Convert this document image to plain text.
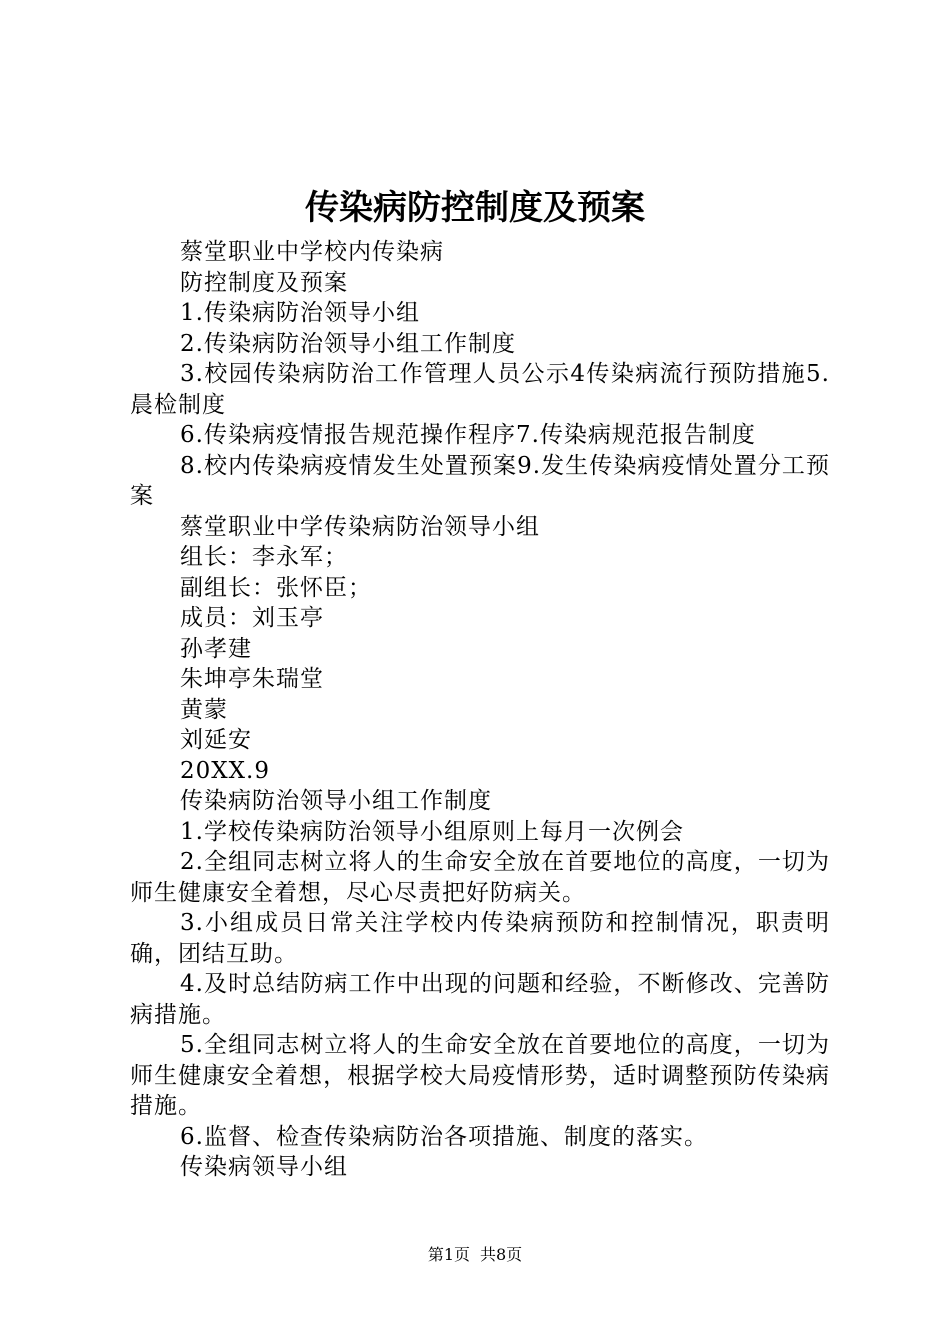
传染病防控制度及预案

蔡堂职业中学校内传染病

防控制度及预案

1.传染病防治领导小组

2.传染病防治领导小组工作制度

3.校园传染病防治工作管理人员公示4传染病流行预防措施5.晨检制度

6.传染病疫情报告规范操作程序7.传染病规范报告制度

8.校内传染病疫情发生处置预案9.发生传染病疫情处置分工预案

蔡堂职业中学传染病防治领导小组

组长：李永军；

副组长：张怀臣；

成员：刘玉亭

孙孝建

朱坤亭朱瑞堂

黄蒙

刘延安

20XX.9

传染病防治领导小组工作制度

1.学校传染病防治领导小组原则上每月一次例会

2.全组同志树立将人的生命安全放在首要地位的高度，一切为师生健康安全着想，尽心尽责把好防病关。

3.小组成员日常关注学校内传染病预防和控制情况，职责明确，团结互助。

4.及时总结防病工作中出现的问题和经验，不断修改、完善防病措施。

5.全组同志树立将人的生命安全放在首要地位的高度，一切为师生健康安全着想，根据学校大局疫情形势，适时调整预防传染病措施。

6.监督、检查传染病防治各项措施、制度的落实。

传染病领导小组

第1页 共8页
